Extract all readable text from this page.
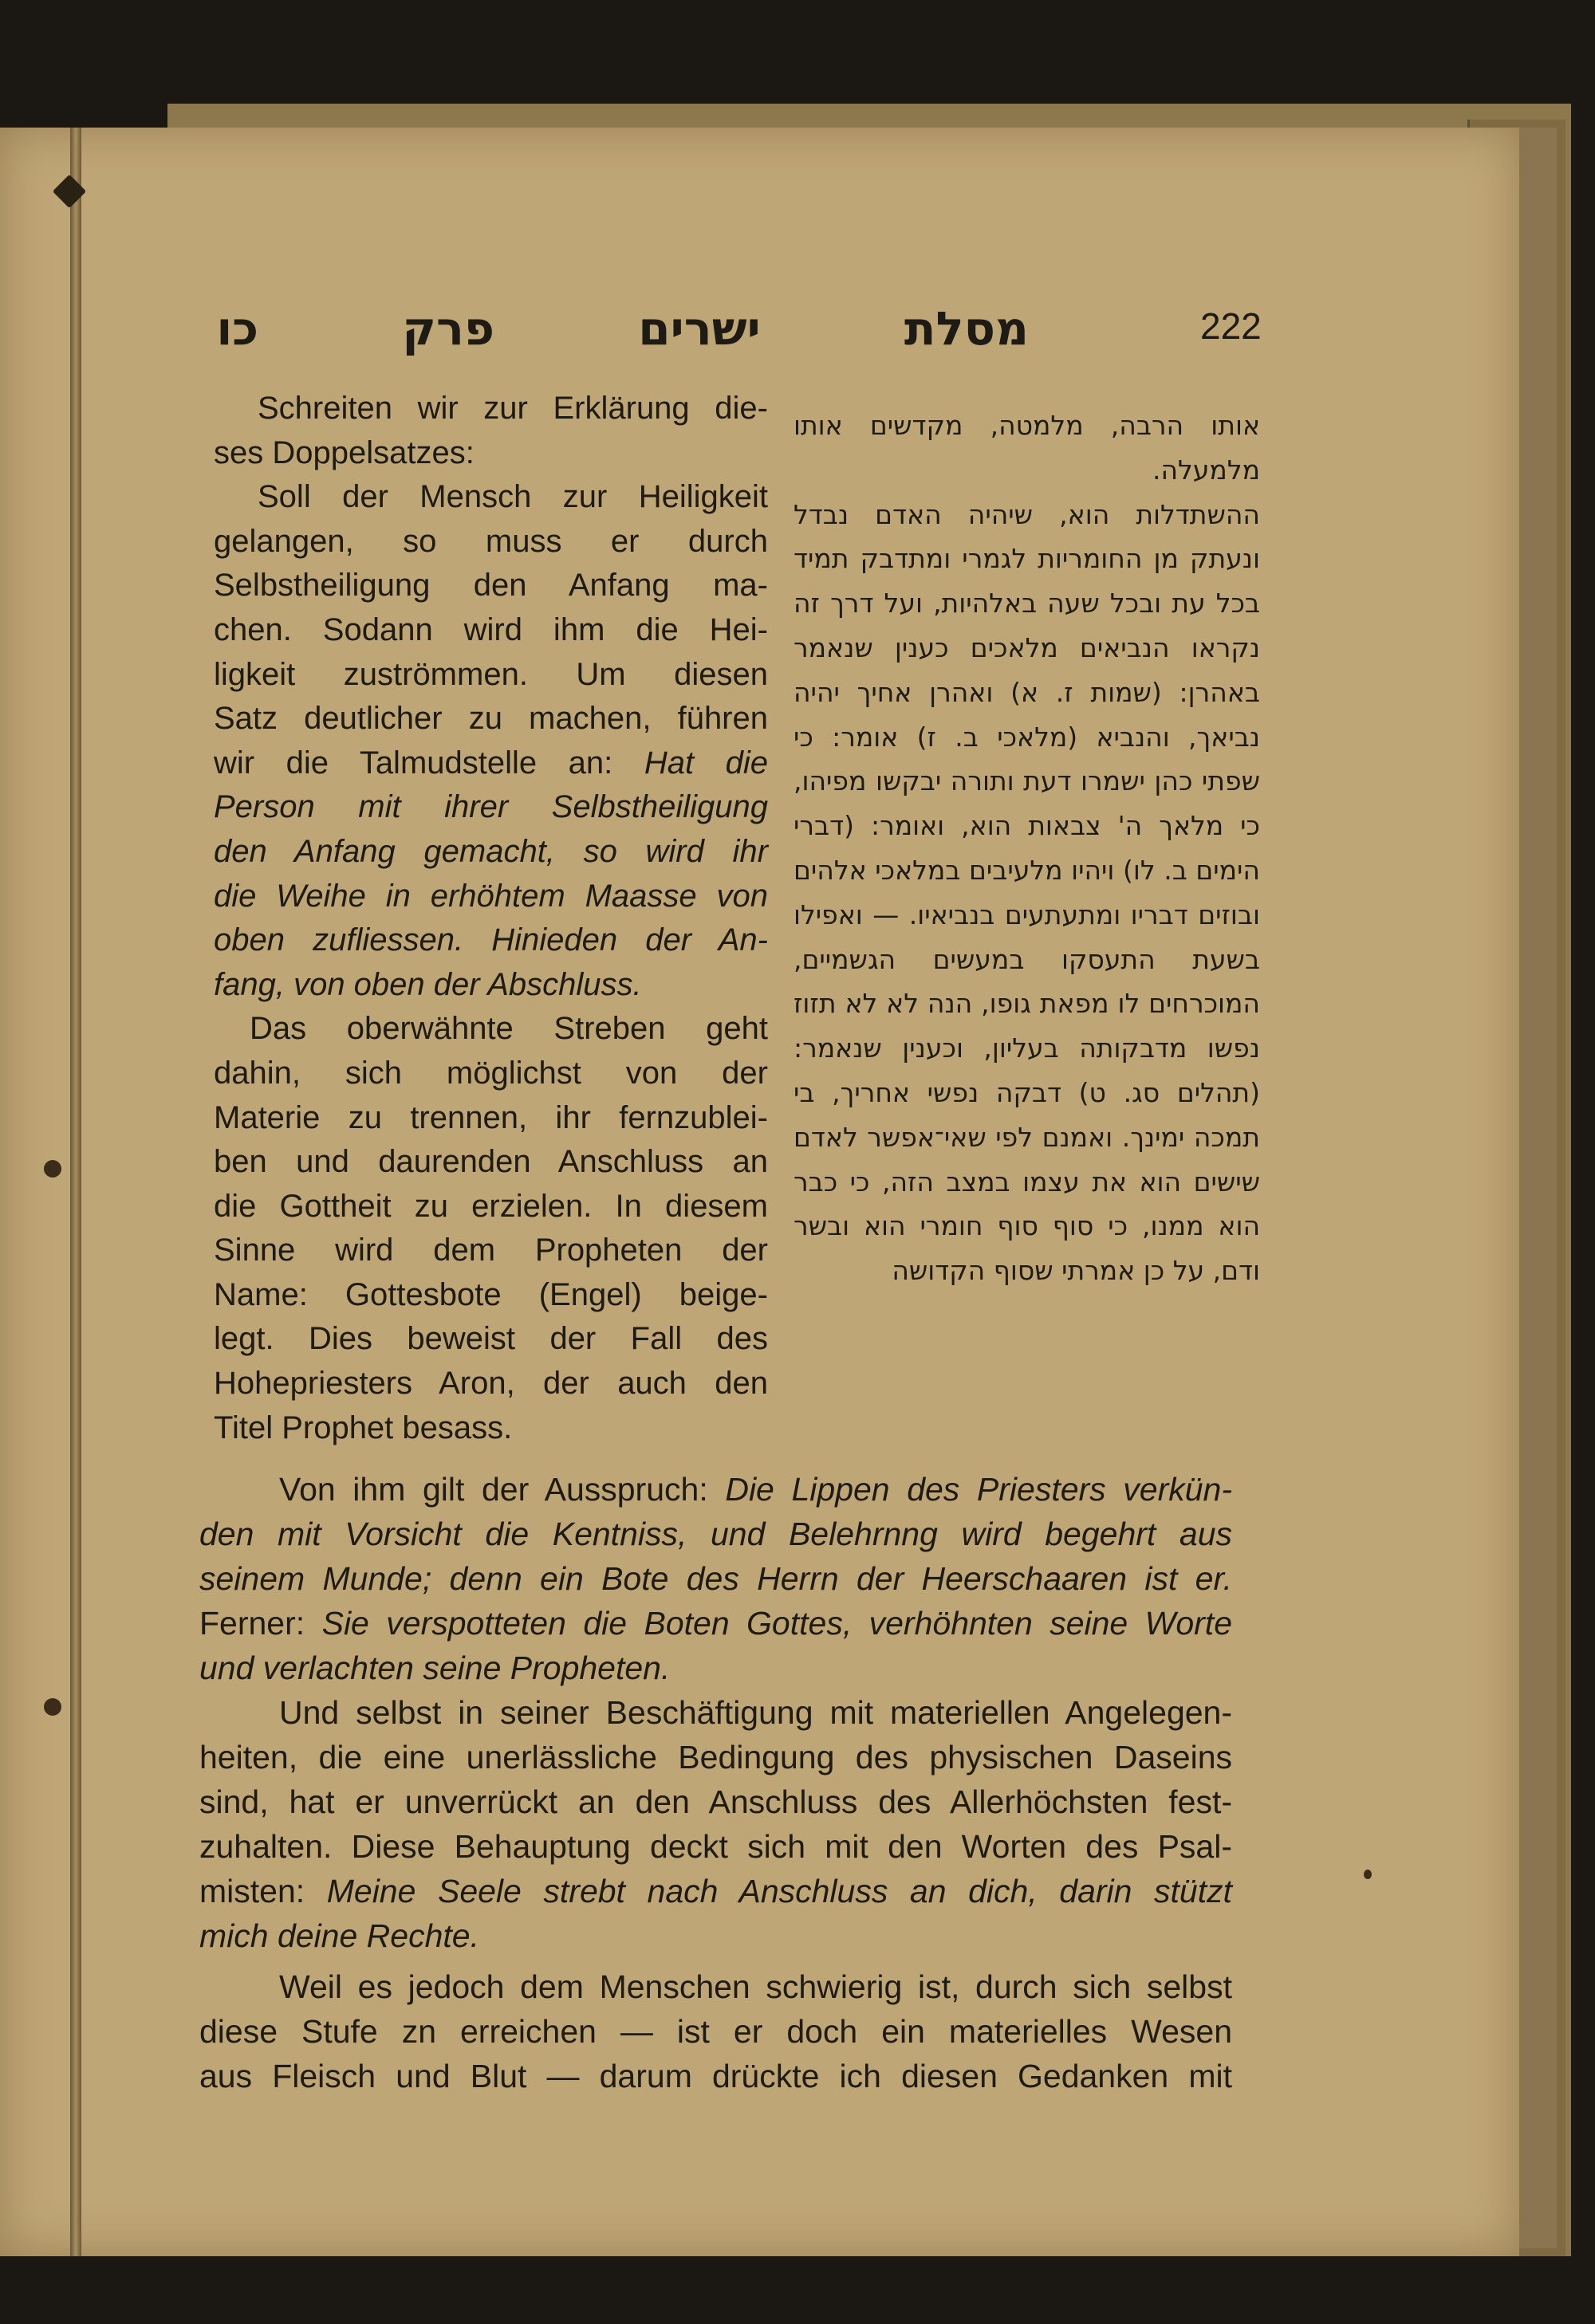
222
מסלת ישרים פרק כו

אותו הרבה, מלמטה, מקדשים אותו מלמעלה.

ההשתדלות הוא, שיהיה האדם נבדל ונעתק מן החומריות לגמרי ומתדבק תמיד בכל עת ובכל שעה באלהיות, ועל דרך זה נקראו הנביאים מלאכים כענין שנאמר באהרן: (שמות ז. א) ואהרן אחיך יהיה נביאך, והנביא (מלאכי ב. ז) אומר: כי שפתי כהן ישמרו דעת ותורה יבקשו מפיהו, כי מלאך ה' צבאות הוא, ואומר: (דברי הימים ב. לו) ויהיו מלעיבים במלאכי אלהים ובוזים דבריו ומתעתעים בנביאיו. — ואפילו בשעת התעסקו במעשים הגשמיים, המוכרחים לו מפאת גופו, הנה לא לא תזוז נפשו מדבקותה בעליון, וכענין שנאמר: (תהלים סג. ט) דבקה נפשי אחריך, בי תמכה ימינך. ואמנם לפי שאי־אפשר לאדם שישים הוא את עצמו במצב הזה, כי כבר הוא ממנו, כי סוף סוף חומרי הוא ובשר ודם, על כן אמרתי שסוף הקדושה

Schreiten wir zur Erklärung die-
ses Doppelsatzes:
Soll der Mensch zur Heiligkeit
gelangen, so muss er durch
Selbstheiligung den Anfang ma-
chen. Sodann wird ihm die Hei-
ligkeit zuströmmen. Um diesen
Satz deutlicher zu machen, führen
wir die Talmudstelle an: Hat die
Person mit ihrer Selbstheiligung
den Anfang gemacht, so wird ihr
die Weihe in erhöhtem Maasse von
oben zufliessen. Hinieden der An-
fang, von oben der Abschluss.
Das oberwähnte Streben geht
dahin, sich möglichst von der
Materie zu trennen, ihr fernzublei-
ben und daurenden Anschluss an
die Gottheit zu erzielen. In diesem
Sinne wird dem Propheten der
Name: Gottesbote (Engel) beige-
legt. Dies beweist der Fall des
Hohepriesters Aron, der auch den
Titel Prophet besass.
Von ihm gilt der Ausspruch: Die Lippen des Priesters verkün-
den mit Vorsicht die Kentniss, und Belehrnng wird begehrt aus
seinem Munde; denn ein Bote des Herrn der Heerschaaren ist er.
Ferner: Sie verspotteten die Boten Gottes, verhöhnten seine Worte
und verlachten seine Propheten.
Und selbst in seiner Beschäftigung mit materiellen Angelegen-
heiten, die eine unerlässliche Bedingung des physischen Daseins
sind, hat er unverrückt an den Anschluss des Allerhöchsten fest-
zuhalten. Diese Behauptung deckt sich mit den Worten des Psal-
misten: Meine Seele strebt nach Anschluss an dich, darin stützt
mich deine Rechte.
Weil es jedoch dem Menschen schwierig ist, durch sich selbst
diese Stufe zn erreichen — ist er doch ein materielles Wesen
aus Fleisch und Blut — darum drückte ich diesen Gedanken mit
